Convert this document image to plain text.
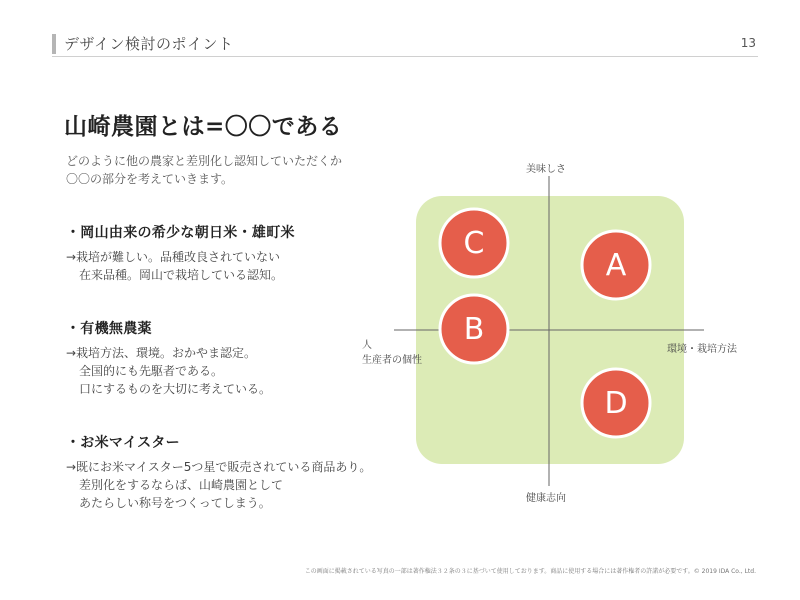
デザイン検討のポイント	13
山崎農園とは=〇〇である
どのように他の農家と差別化し認知していただくか
〇〇の部分を考えていきます。
・岡山由来の希少な朝日米・雄町米
→栽培が難しい。品種改良されていない
在来品種。岡山で栽培している認知。
・有機無農薬
→栽培方法、環境。おかやま認定。
全国的にも先駆者である。
口にするものを大切に考えている。
・お米マイスター
→既にお米マイスター5つ星で販売されている商品あり。
差別化をするならば、山崎農園として
あたらしい称号をつくってしまう。
C
A
B
D
美味しさ
健康志向
環境・栽培方法
人
生産者の個性
この画面に掲載されている写真の一部は著作権法３２条の３に基づいて使用しております。商品に使用する場合には著作権者の許諾が必要です。© 2019 IDA Co., Ltd.
